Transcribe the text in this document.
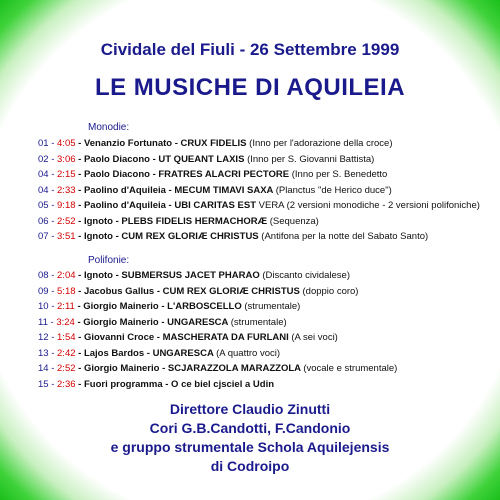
Cividale del Fiuli - 26 Settembre 1999
LE MUSICHE DI AQUILEIA
Monodie:
01 - 4:05 - Venanzio Fortunato - CRUX FIDELIS (Inno per l'adorazione della croce)
02 - 3:06 - Paolo Diacono - UT QUEANT LAXIS (Inno per S. Giovanni Battista)
04 - 2:15 - Paolo Diacono - FRATRES ALACRI PECTORE (Inno per S. Benedetto
04 - 2:33 - Paolino d'Aquileia - MECUM TIMAVI SAXA (Planctus "de Herico duce")
05 - 9:18 - Paolino d'Aquileia - UBI CARITAS EST VERA (2 versioni monodiche - 2 versioni polifoniche)
06 - 2:52 - Ignoto - PLEBS FIDELIS HERMACHORÆ (Sequenza)
07 - 3:51 - Ignoto - CUM REX GLORIÆ CHRISTUS (Antifona per la notte del Sabato Santo)
Polifonie:
08 - 2:04 - Ignoto - SUBMERSUS JACET PHARAO (Discanto cividalese)
09 - 5:18 - Jacobus Gallus - CUM REX GLORIÆ CHRISTUS (doppio coro)
10 - 2:11 - Giorgio Mainerio - L'ARBOSCELLO (strumentale)
11 - 3:24 - Giorgio Mainerio - UNGARESCA (strumentale)
12 - 1:54 - Giovanni Croce - MASCHERATA DA FURLANI (A sei voci)
13 - 2:42 - Lajos Bardos - UNGARESCA (A quattro voci)
14 - 2:52 - Giorgio Mainerio - SCJARAZZOLA MARAZZOLA (vocale e strumentale)
15 - 2:36 - Fuori programma - O ce biel cjsciel a Udin
Direttore Claudio Zinutti
Cori G.B.Candotti, F.Candonio
e gruppo strumentale Schola Aquilejensis
di Codroipo
